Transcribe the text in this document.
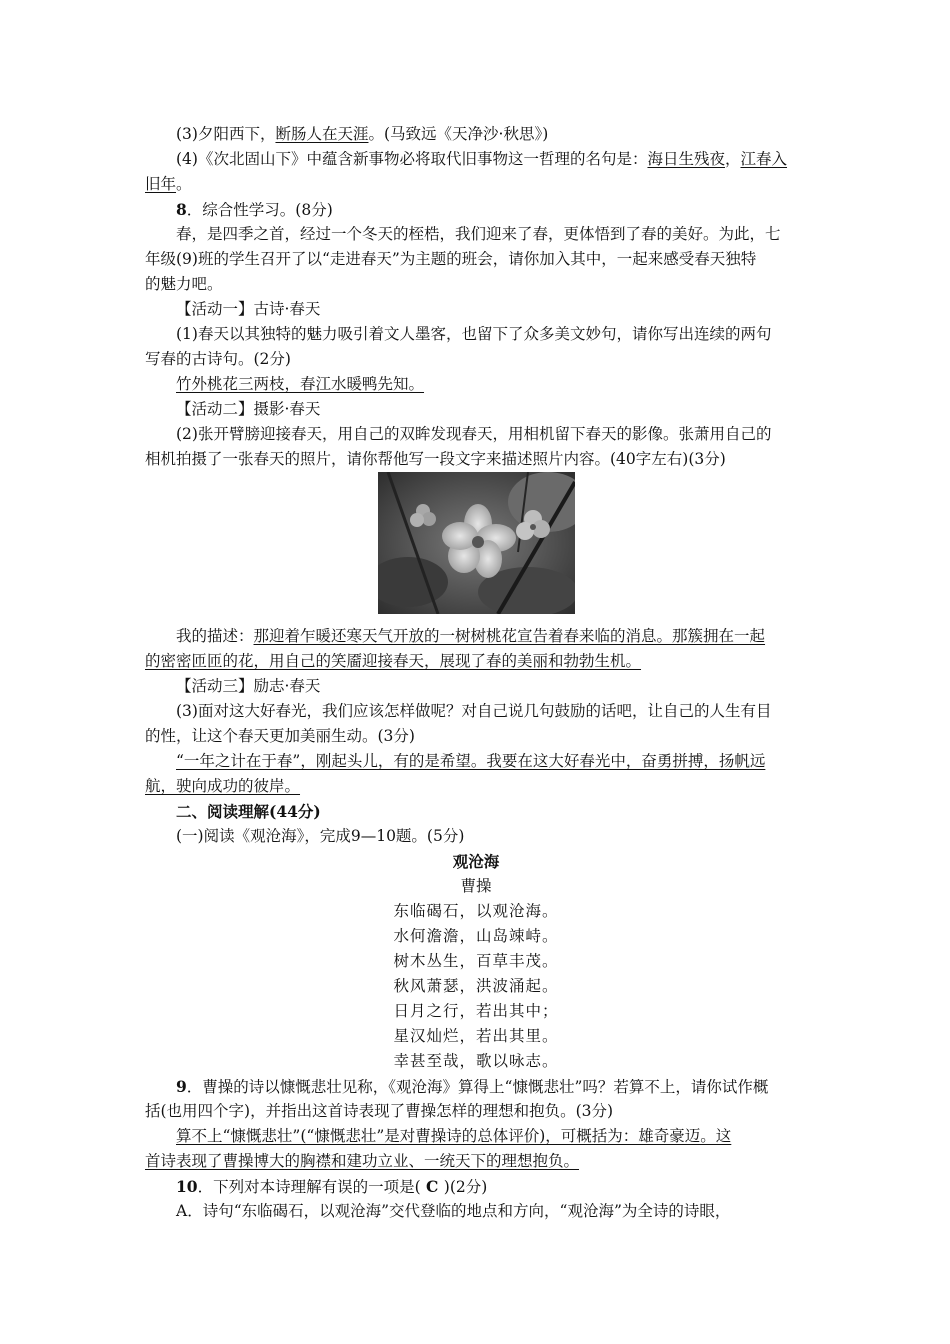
(3)夕阳西下，断肠人在天涯。(马致远《天净沙·秋思》)
(4)《次北固山下》中蕴含新事物必将取代旧事物这一哲理的名句是：海日生残夜，江春入
旧年。
8．综合性学习。(8分)
春，是四季之首，经过一个冬天的桎梏，我们迎来了春，更体悟到了春的美好。为此，七
年级(9)班的学生召开了以“走进春天”为主题的班会，请你加入其中，一起来感受春天独特
的魅力吧。
【活动一】古诗·春天
(1)春天以其独特的魅力吸引着文人墨客，也留下了众多美文妙句，请你写出连续的两句
写春的古诗句。(2分)
竹外桃花三两枝，春江水暖鸭先知。
【活动二】摄影·春天
(2)张开臂膀迎接春天，用自己的双眸发现春天，用相机留下春天的影像。张萧用自己的
相机拍摄了一张春天的照片，请你帮他写一段文字来描述照片内容。(40字左右)(3分)
我的描述：那迎着乍暖还寒天气开放的一树树桃花宣告着春来临的消息。那簇拥在一起
的密密匝匝的花，用自己的笑靥迎接春天，展现了春的美丽和勃勃生机。
【活动三】励志·春天
(3)面对这大好春光，我们应该怎样做呢？对自己说几句鼓励的话吧，让自己的人生有目
的性，让这个春天更加美丽生动。(3分)
“一年之计在于春”，刚起头儿，有的是希望。我要在这大好春光中，奋勇拼搏，扬帆远
航，驶向成功的彼岸。
二、阅读理解(44分)
(一)阅读《观沧海》，完成9—10题。(5分)
观沧海
曹操
东临碣石，以观沧海。
水何澹澹，山岛竦峙。
树木丛生，百草丰茂。
秋风萧瑟，洪波涌起。
日月之行，若出其中；
星汉灿烂，若出其里。
幸甚至哉，歌以咏志。
9．曹操的诗以慷慨悲壮见称，《观沧海》算得上“慷慨悲壮”吗？若算不上，请你试作概
括(也用四个字)，并指出这首诗表现了曹操怎样的理想和抱负。(3分)
算不上“慷慨悲壮”(“慷慨悲壮”是对曹操诗的总体评价)，可概括为：雄奇豪迈。这
首诗表现了曹操博大的胸襟和建功立业、一统天下的理想抱负。
10．下列对本诗理解有误的一项是( C )(2分)
A．诗句“东临碣石，以观沧海”交代登临的地点和方向，“观沧海”为全诗的诗眼，
